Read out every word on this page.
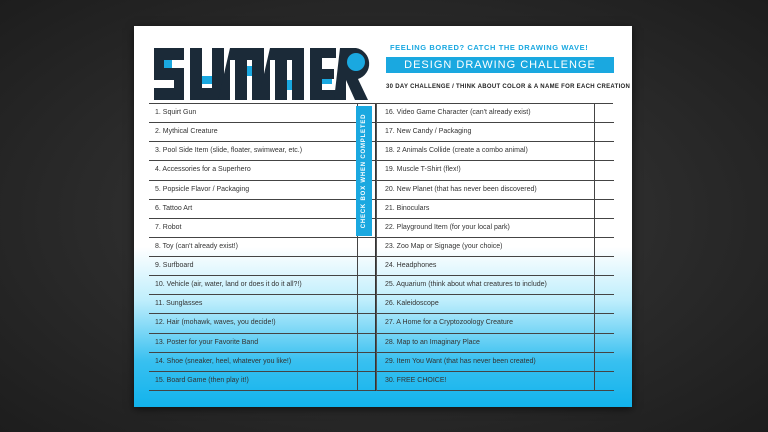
SUMMER
FEELING BORED? CATCH THE DRAWING WAVE!
DESIGN DRAWING CHALLENGE
30 DAY CHALLENGE / THINK ABOUT COLOR & A NAME FOR EACH CREATION
1. Squirt Gun
2. Mythical Creature
3. Pool Side Item (slide, floater, swimwear, etc.)
4. Accessories for a Superhero
5. Popsicle Flavor / Packaging
6. Tattoo Art
7. Robot
8. Toy (can't already exist!)
9. Surfboard
10. Vehicle (air, water, land or does it do it all?!)
11. Sunglasses
12. Hair (mohawk, waves, you decide!)
13. Poster for your Favorite Band
14. Shoe (sneaker, heel, whatever you like!)
15. Board Game (then play it!)
CHECK BOX WHEN COMPLETED
16. Video Game Character (can't already exist)
17. New Candy / Packaging
18. 2 Animals Collide (create a combo animal)
19. Muscle T-Shirt (flex!)
20. New Planet (that has never been discovered)
21. Binoculars
22. Playground Item (for your local park)
23. Zoo Map or Signage (your choice)
24. Headphones
25. Aquarium (think about what creatures to include)
26. Kaleidoscope
27. A Home for a Cryptozoology Creature
28. Map to an Imaginary Place
29. Item You Want (that has never been created)
30. FREE CHOICE!
